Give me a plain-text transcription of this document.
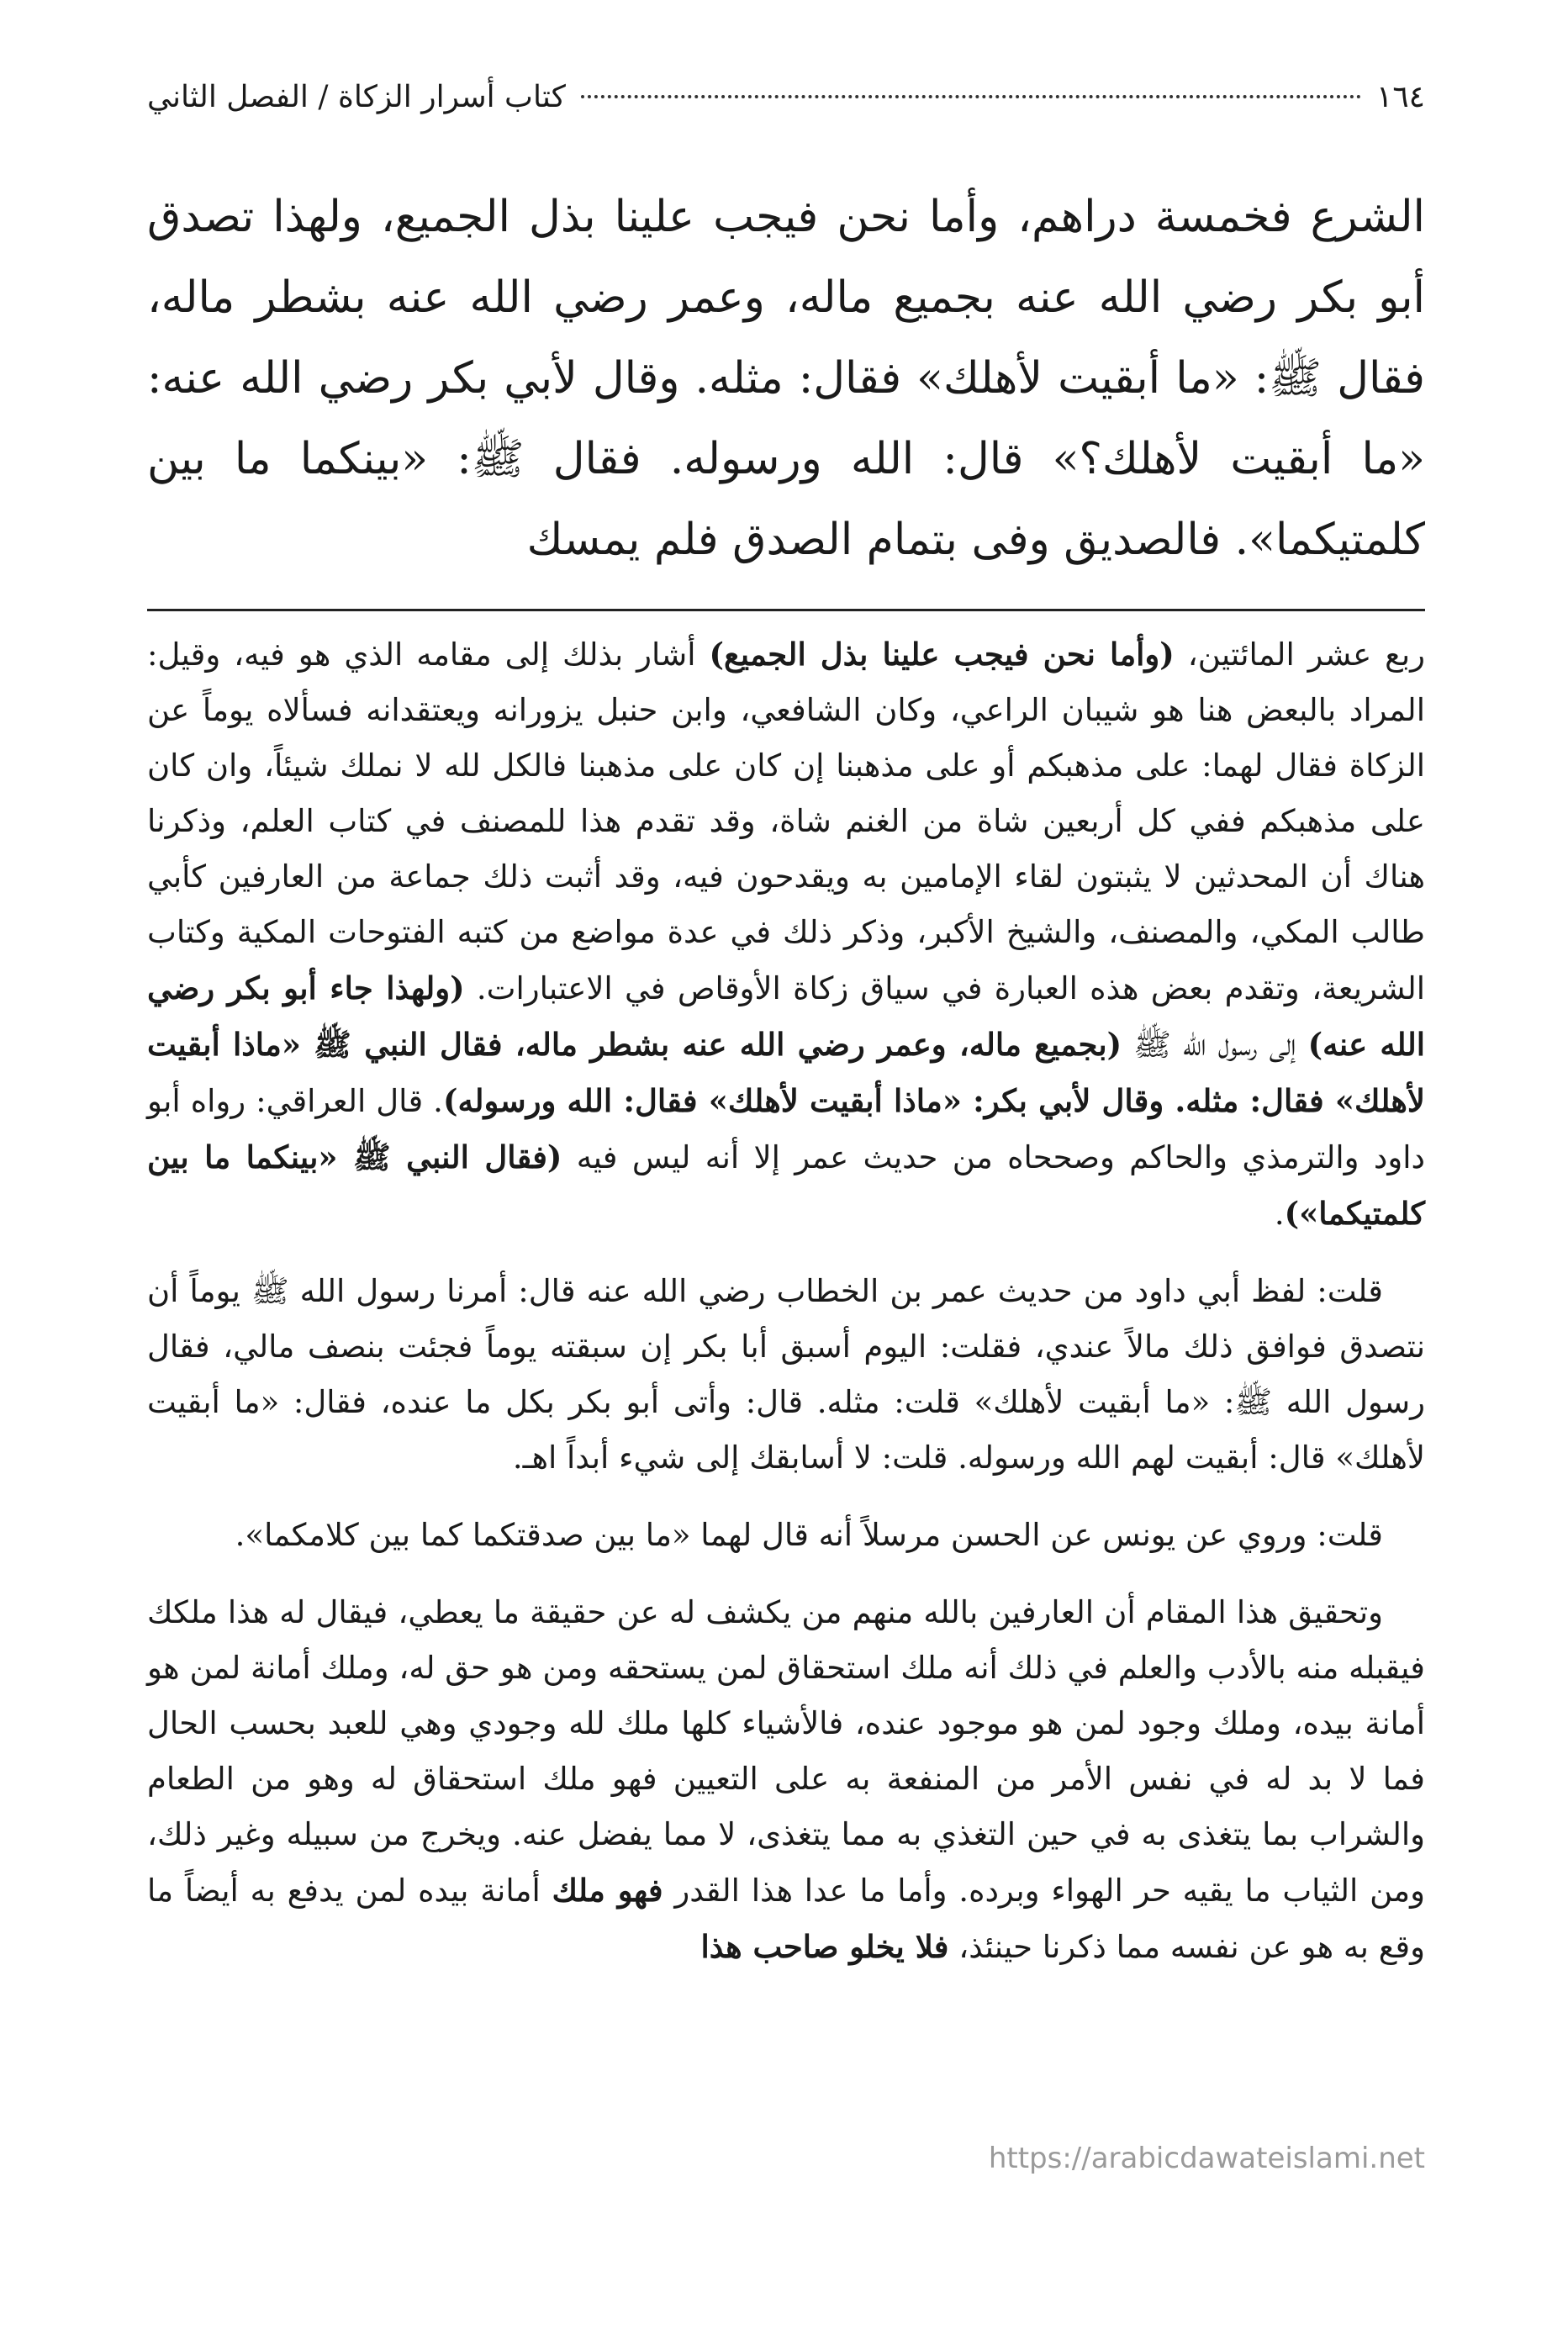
١٦٤
كتاب أسرار الزكاة / الفصل الثاني

الشرع فخمسة دراهم، وأما نحن فيجب علينا بذل الجميع، ولهذا تصدق أبو بكر رضي الله عنه بجميع ماله، وعمر رضي الله عنه بشطر ماله، فقال ﷺ: «ما أبقيت لأهلك» فقال: مثله. وقال لأبي بكر رضي الله عنه: «ما أبقيت لأهلك؟» قال: الله ورسوله. فقال ﷺ: «بينكما ما بين كلمتيكما». فالصديق وفى بتمام الصدق فلم يمسك

ربع عشر المائتين، (وأما نحن فيجب علينا بذل الجميع) أشار بذلك إلى مقامه الذي هو فيه، وقيل: المراد بالبعض هنا هو شيبان الراعي، وكان الشافعي، وابن حنبل يزورانه ويعتقدانه فسألاه يوماً عن الزكاة فقال لهما: على مذهبكم أو على مذهبنا إن كان على مذهبنا فالكل لله لا نملك شيئاً، وان كان على مذهبكم ففي كل أربعين شاة من الغنم شاة، وقد تقدم هذا للمصنف في كتاب العلم، وذكرنا هناك أن المحدثين لا يثبتون لقاء الإمامين به ويقدحون فيه، وقد أثبت ذلك جماعة من العارفين كأبي طالب المكي، والمصنف، والشيخ الأكبر، وذكر ذلك في عدة مواضع من كتبه الفتوحات المكية وكتاب الشريعة، وتقدم بعض هذه العبارة في سياق زكاة الأوقاص في الاعتبارات. (ولهذا جاء أبو بكر رضي الله عنه) إلى رسول الله ﷺ (بجميع ماله، وعمر رضي الله عنه بشطر ماله، فقال النبي ﷺ «ماذا أبقيت لأهلك» فقال: مثله. وقال لأبي بكر: «ماذا أبقيت لأهلك» فقال: الله ورسوله). قال العراقي: رواه أبو داود والترمذي والحاكم وصححاه من حديث عمر إلا أنه ليس فيه (فقال النبي ﷺ «بينكما ما بين كلمتيكما»).

قلت: لفظ أبي داود من حديث عمر بن الخطاب رضي الله عنه قال: أمرنا رسول الله ﷺ يوماً أن نتصدق فوافق ذلك مالاً عندي، فقلت: اليوم أسبق أبا بكر إن سبقته يوماً فجئت بنصف مالي، فقال رسول الله ﷺ: «ما أبقيت لأهلك» قلت: مثله. قال: وأتى أبو بكر بكل ما عنده، فقال: «ما أبقيت لأهلك» قال: أبقيت لهم الله ورسوله. قلت: لا أسابقك إلى شيء أبداً اهـ.

قلت: وروي عن يونس عن الحسن مرسلاً أنه قال لهما «ما بين صدقتكما كما بين كلامكما».

وتحقيق هذا المقام أن العارفين بالله منهم من يكشف له عن حقيقة ما يعطي، فيقال له هذا ملكك فيقبله منه بالأدب والعلم في ذلك أنه ملك استحقاق لمن يستحقه ومن هو حق له، وملك أمانة لمن هو أمانة بيده، وملك وجود لمن هو موجود عنده، فالأشياء كلها ملك لله وجودي وهي للعبد بحسب الحال فما لا بد له في نفس الأمر من المنفعة به على التعيين فهو ملك استحقاق له وهو من الطعام والشراب بما يتغذى به في حين التغذي به مما يتغذى، لا مما يفضل عنه. ويخرج من سبيله وغير ذلك، ومن الثياب ما يقيه حر الهواء وبرده. وأما ما عدا هذا القدر فهو ملك أمانة بيده لمن يدفع به أيضاً ما وقع به هو عن نفسه مما ذكرنا حينئذ، فلا يخلو صاحب هذا

https://arabicdawateislami.net
